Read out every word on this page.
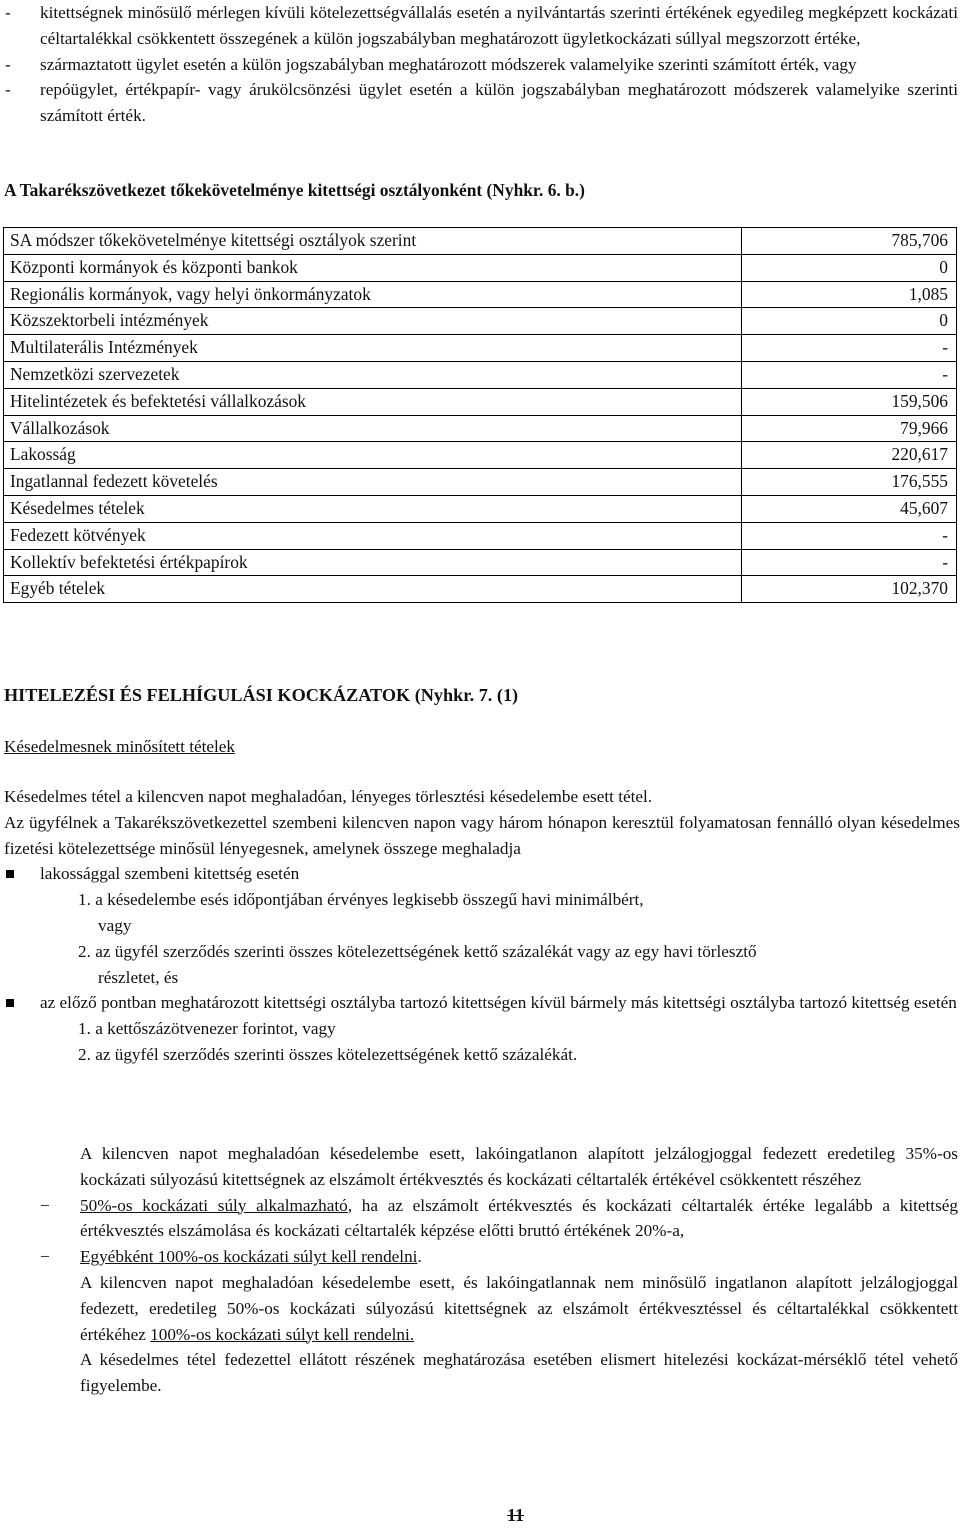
- kitettségnek minősülő mérlegen kívüli kötelezettségvállalás esetén a nyilvántartás szerinti értékének egyedileg megképzett kockázati céltartalékkal csökkentett összegének a külön jogszabályban meghatározott ügyletkockázati súllyal megszorzott értéke,
- származtatott ügylet esetén a külön jogszabályban meghatározott módszerek valamelyike szerinti számított érték, vagy
- repóügylet, értékpapír- vagy árukölcsönzési ügylet esetén a külön jogszabályban meghatározott módszerek valamelyike szerinti számított érték.
A Takarékszövetkezet tőkekövetelménye kitettségi osztályonként (Nyhkr. 6. b.)
SA módszer tőkekövetelménye kitettségi osztályok szerint	785,706
Központi kormányok és központi bankok	0
Regionális kormányok, vagy helyi önkormányzatok	1,085
Közszektorbeli intézmények	0
Multilaterális Intézmények	-
Nemzetközi szervezetek	-
Hitelintézetek és befektetési vállalkozások	159,506
Vállalkozások	79,966
Lakosság	220,617
Ingatlannal fedezett követelés	176,555
Késedelmes tételek	45,607
Fedezett kötvények	-
Kollektív befektetési értékpapírok	-
Egyéb tételek	102,370
HITELEZÉSI ÉS FELHÍGULÁSI KOCKÁZATOK (Nyhkr. 7. (1)
Késedelmesnek minősített tételek
Késedelmes tétel a kilencven napot meghaladóan, lényeges törlesztési késedelembe esett tétel.
Az ügyfélnek a Takarékszövetkezettel szembeni kilencven napon vagy három hónapon keresztül folyamatosan fennálló olyan késedelmes fizetési kötelezettsége minősül lényegesnek, amelynek összege meghaladja
lakossággal szembeni kitettség esetén
1. a késedelembe esés időpontjában érvényes legkisebb összegű havi minimálbért,
vagy
2. az ügyfél szerződés szerinti összes kötelezettségének kettő százalékát vagy az egy havi törlesztő
részletet, és
az előző pontban meghatározott kitettségi osztályba tartozó kitettségen kívül bármely más kitettségi osztályba tartozó kitettség esetén
1. a kettőszázötvenezer forintot, vagy
2. az ügyfél szerződés szerinti összes kötelezettségének kettő százalékát.
A kilencven napot meghaladóan késedelembe esett, lakóingatlanon alapított jelzálogjoggal fedezett eredetileg 35%-os kockázati súlyozású kitettségnek az elszámolt értékvesztés és kockázati céltartalék értékével csökkentett részéhez
− 50%-os kockázati súly alkalmazható, ha az elszámolt értékvesztés és kockázati céltartalék értéke legalább a kitettség értékvesztés elszámolása és kockázati céltartalék képzése előtti bruttó értékének 20%-a,
− Egyébként 100%-os kockázati súlyt kell rendelni.
A kilencven napot meghaladóan késedelembe esett, és lakóingatlannak nem minősülő ingatlanon alapított jelzálogjoggal fedezett, eredetileg 50%-os kockázati súlyozású kitettségnek az elszámolt értékvesztéssel és céltartalékkal csökkentett értékéhez 100%-os kockázati súlyt kell rendelni.
A késedelmes tétel fedezettel ellátott részének meghatározása esetében elismert hitelezési kockázat-mérséklő tétel vehető figyelembe.
11
